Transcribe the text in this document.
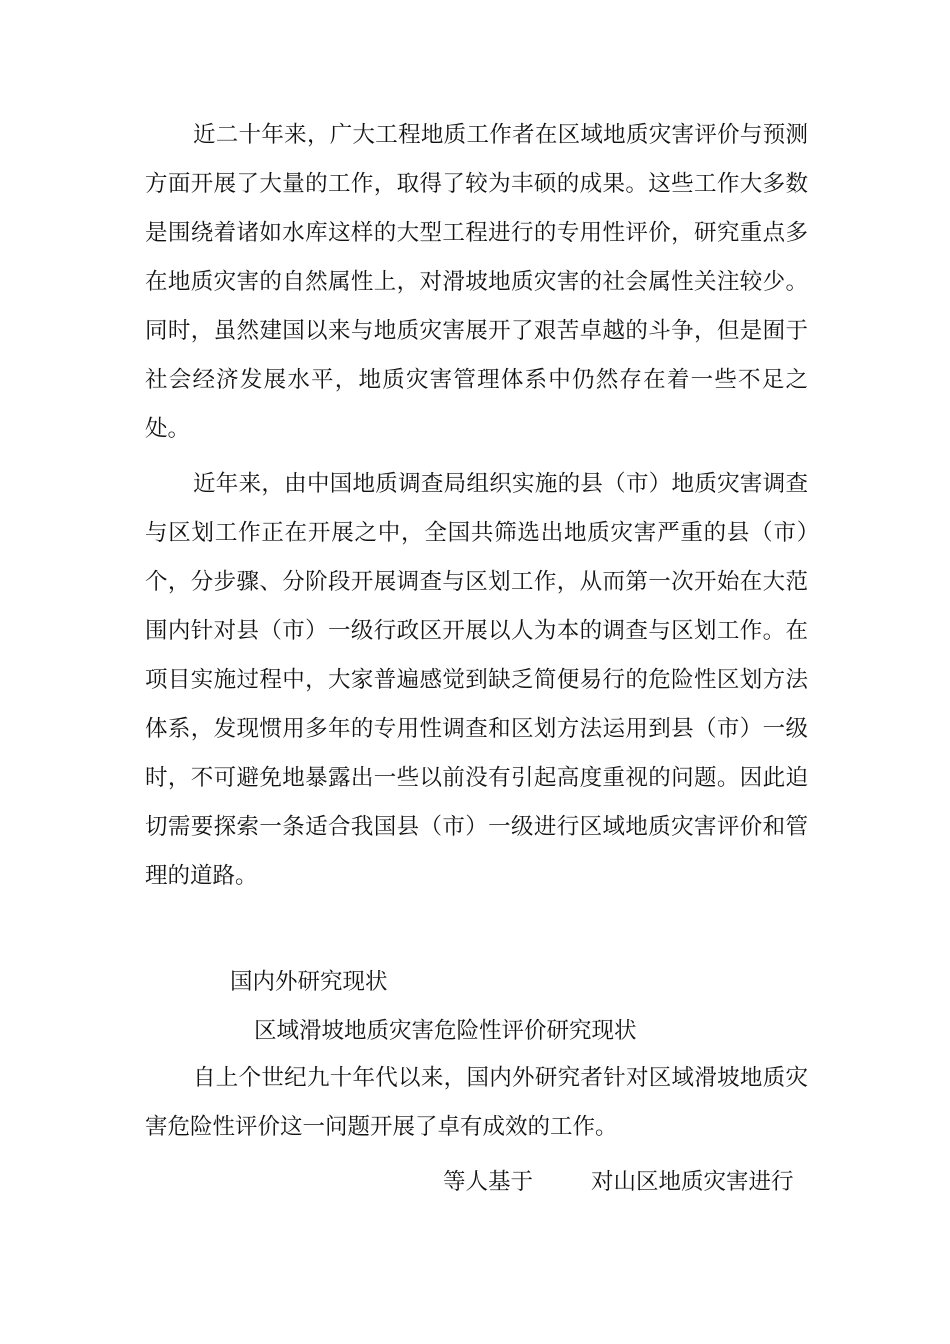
近二十年来，广大工程地质工作者在区域地质灾害评价与预测方面开展了大量的工作，取得了较为丰硕的成果。这些工作大多数是围绕着诸如水库这样的大型工程进行的专用性评价，研究重点多在地质灾害的自然属性上，对滑坡地质灾害的社会属性关注较少。同时，虽然建国以来与地质灾害展开了艰苦卓越的斗争，但是囿于社会经济发展水平，地质灾害管理体系中仍然存在着一些不足之处。

近年来，由中国地质调查局组织实施的县（市）地质灾害调查与区划工作正在开展之中，全国共筛选出地质灾害严重的县（市）　　个，分步骤、分阶段开展调查与区划工作，从而第一次开始在大范围内针对县（市）一级行政区开展以人为本的调查与区划工作。在项目实施过程中，大家普遍感觉到缺乏简便易行的危险性区划方法体系，发现惯用多年的专用性调查和区划方法运用到县（市）一级时，不可避免地暴露出一些以前没有引起高度重视的问题。因此迫切需要探索一条适合我国县（市）一级进行区域地质灾害评价和管理的道路。

国内外研究现状

区域滑坡地质灾害危险性评价研究现状

自上个世纪九十年代以来，国内外研究者针对区域滑坡地质灾害危险性评价这一问题开展了卓有成效的工作。

等人基于	对山区地质灾害进行
